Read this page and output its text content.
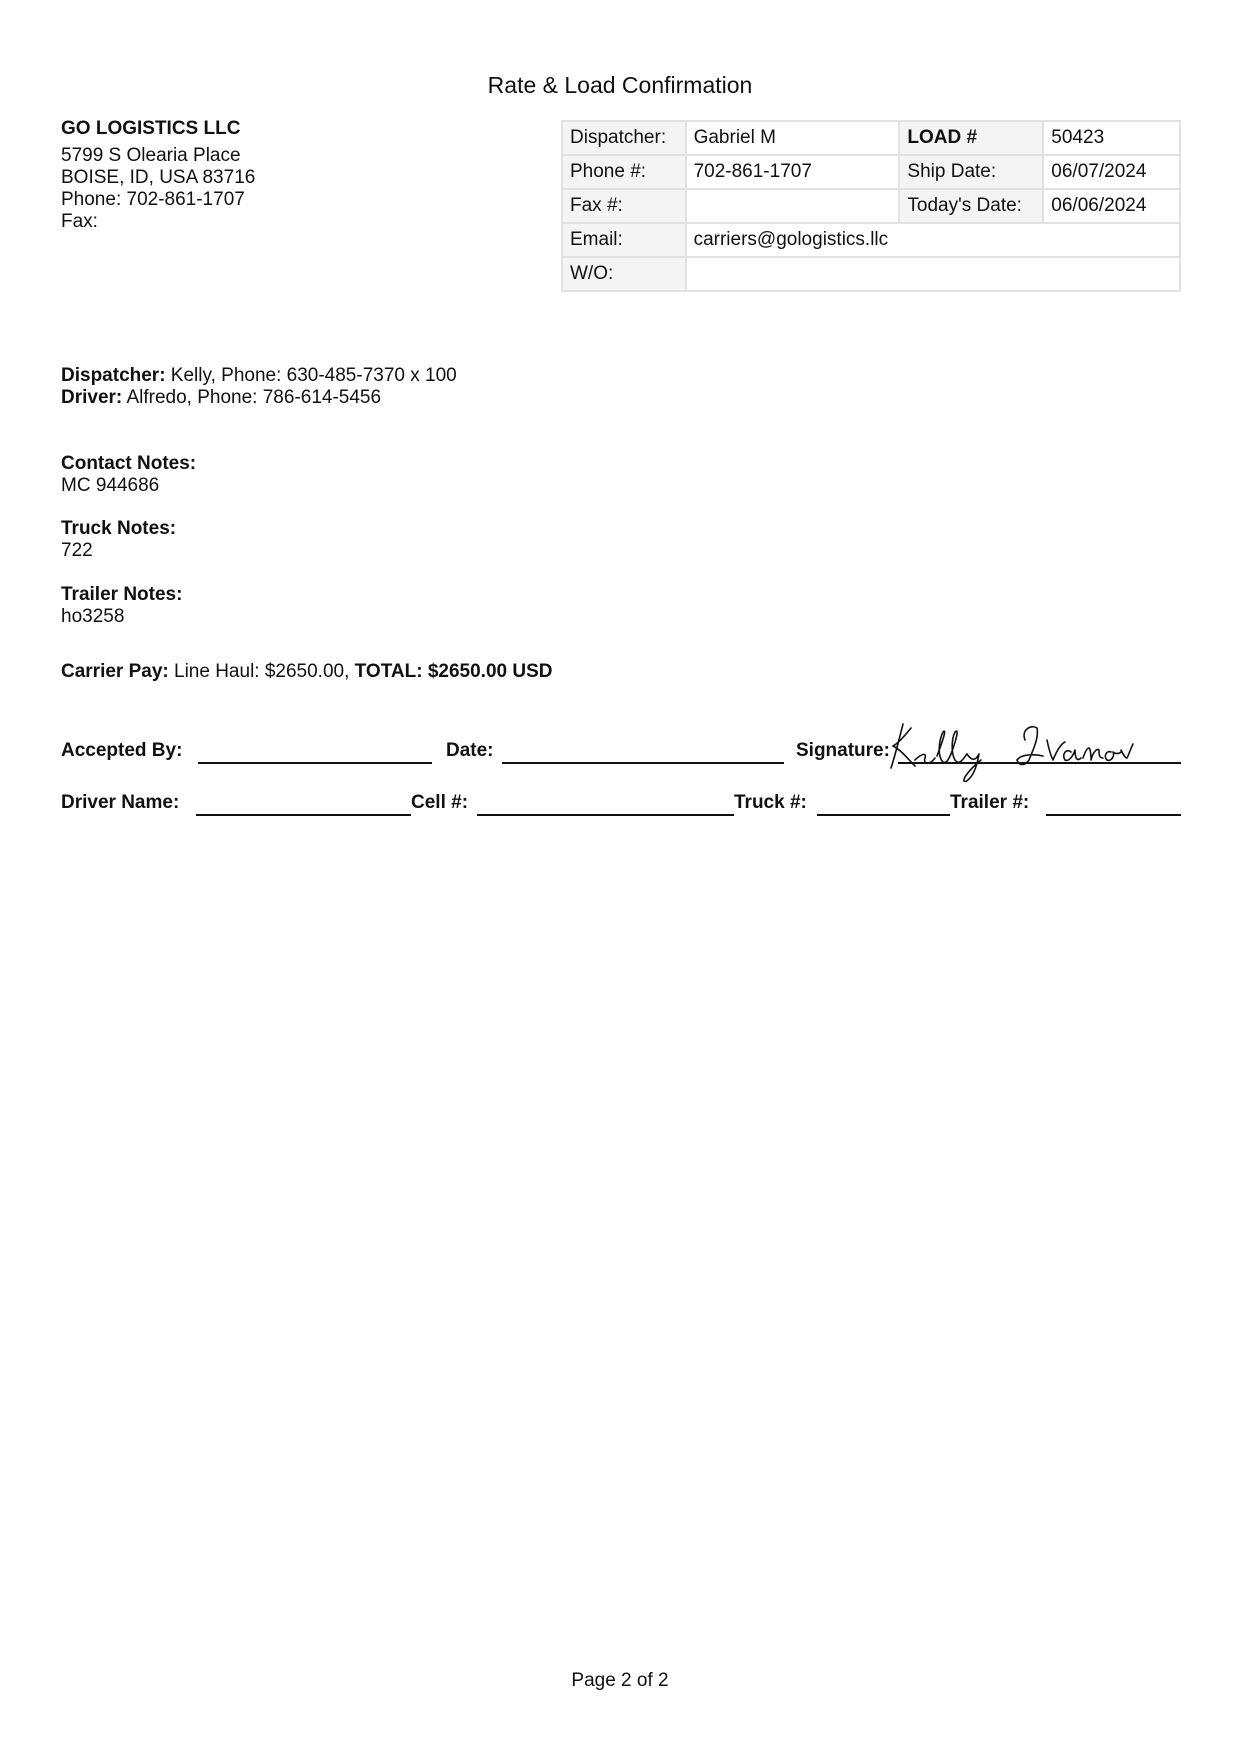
Rate & Load Confirmation
GO LOGISTICS LLC
5799 S Olearia Place
BOISE, ID, USA 83716
Phone: 702-861-1707
Fax:
Dispatcher:	Gabriel M	LOAD #	50423
Phone #:	702-861-1707	Ship Date:	06/07/2024
Fax #:		Today's Date:	06/06/2024
Email:	carriers@gologistics.llc		
W/O:			
Dispatcher: Kelly, Phone: 630-485-7370 x 100
Driver: Alfredo, Phone: 786-614-5456
Contact Notes:
MC 944686
Truck Notes:
722
Trailer Notes:
ho3258
Carrier Pay: Line Haul: $2650.00, TOTAL: $2650.00 USD
Accepted By:	Date:	Signature:
Driver Name:	Cell #:	Truck #:	Trailer #:
Page 2 of 2
